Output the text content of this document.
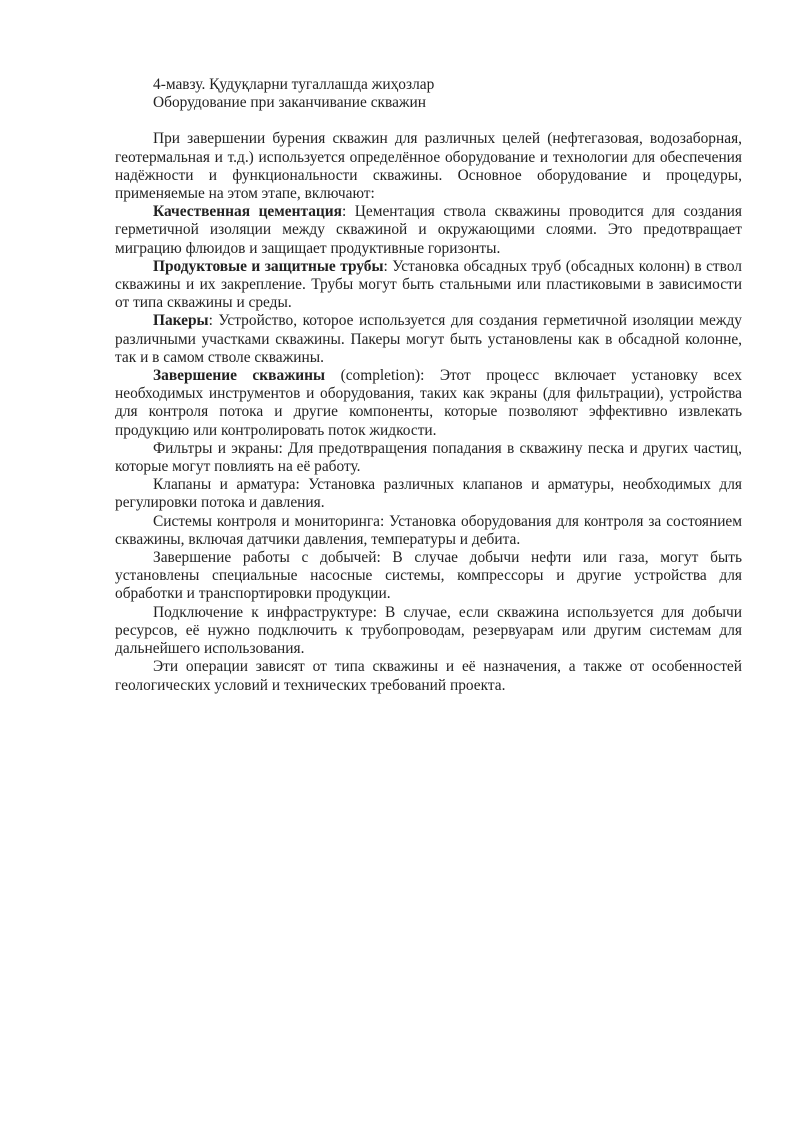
4-мавзу. Қудуқларни тугаллашда жиҳозлар

Оборудование при заканчивание скважин

При завершении бурения скважин для различных целей (нефтегазовая, водозаборная, геотермальная и т.д.) используется определённое оборудование и технологии для обеспечения надёжности и функциональности скважины. Основное оборудование и процедуры, применяемые на этом этапе, включают:

Качественная цементация: Цементация ствола скважины проводится для создания герметичной изоляции между скважиной и окружающими слоями. Это предотвращает миграцию флюидов и защищает продуктивные горизонты.

Продуктовые и защитные трубы: Установка обсадных труб (обсадных колонн) в ствол скважины и их закрепление. Трубы могут быть стальными или пластиковыми в зависимости от типа скважины и среды.

Пакеры: Устройство, которое используется для создания герметичной изоляции между различными участками скважины. Пакеры могут быть установлены как в обсадной колонне, так и в самом стволе скважины.

Завершение скважины (completion): Этот процесс включает установку всех необходимых инструментов и оборудования, таких как экраны (для фильтрации), устройства для контроля потока и другие компоненты, которые позволяют эффективно извлекать продукцию или контролировать поток жидкости.

Фильтры и экраны: Для предотвращения попадания в скважину песка и других частиц, которые могут повлиять на её работу.

Клапаны и арматура: Установка различных клапанов и арматуры, необходимых для регулировки потока и давления.

Системы контроля и мониторинга: Установка оборудования для контроля за состоянием скважины, включая датчики давления, температуры и дебита.

Завершение работы с добычей: В случае добычи нефти или газа, могут быть установлены специальные насосные системы, компрессоры и другие устройства для обработки и транспортировки продукции.

Подключение к инфраструктуре: В случае, если скважина используется для добычи ресурсов, её нужно подключить к трубопроводам, резервуарам или другим системам для дальнейшего использования.

Эти операции зависят от типа скважины и её назначения, а также от особенностей геологических условий и технических требований проекта.
